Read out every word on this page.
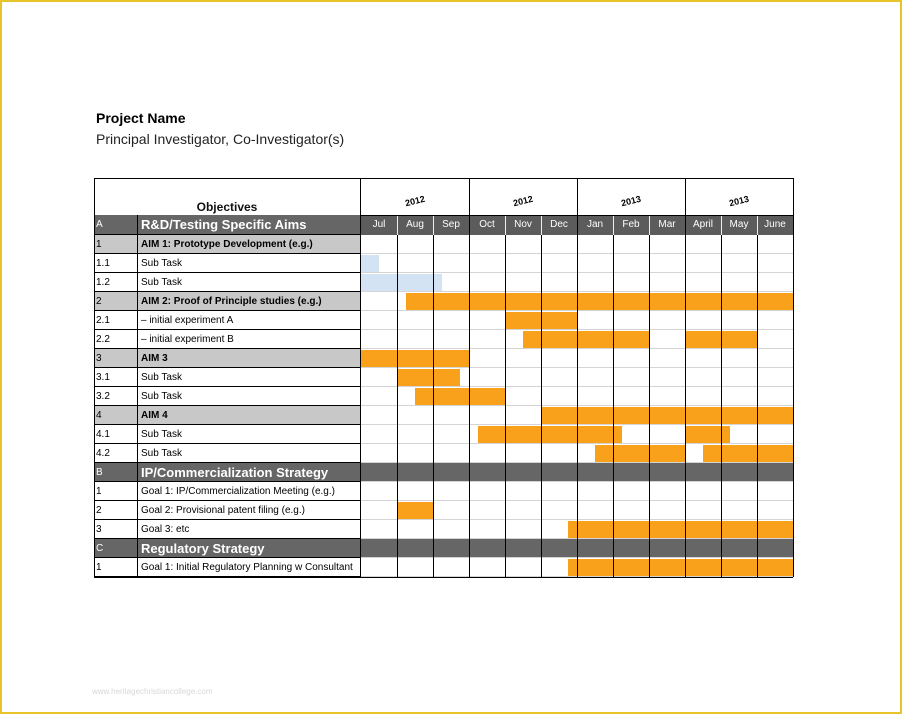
Project Name
Principal Investigator, Co-Investigator(s)
Objectives	2012	2012	2013	2013
Jul	Aug	Sep	Oct	Nov	Dec	Jan	Feb	Mar	April	May	June
A	R&D/Testing Specific Aims
1	AIM 1: Prototype Development (e.g.)
1.1	Sub Task
1.2	Sub Task
2	AIM 2: Proof of Principle studies (e.g.)
2.1	– initial experiment A
2.2	– initial experiment B
3	AIM 3
3.1	Sub Task
3.2	Sub Task
4	AIM 4
4.1	Sub Task
4.2	Sub Task
B	IP/Commercialization Strategy
1	Goal 1: IP/Commercialization Meeting (e.g.)
2	Goal 2: Provisional patent filing (e.g.)
3	Goal 3: etc
C	Regulatory Strategy
1	Goal 1: Initial Regulatory Planning w Consultant
www.heritagechristiancollege.com
